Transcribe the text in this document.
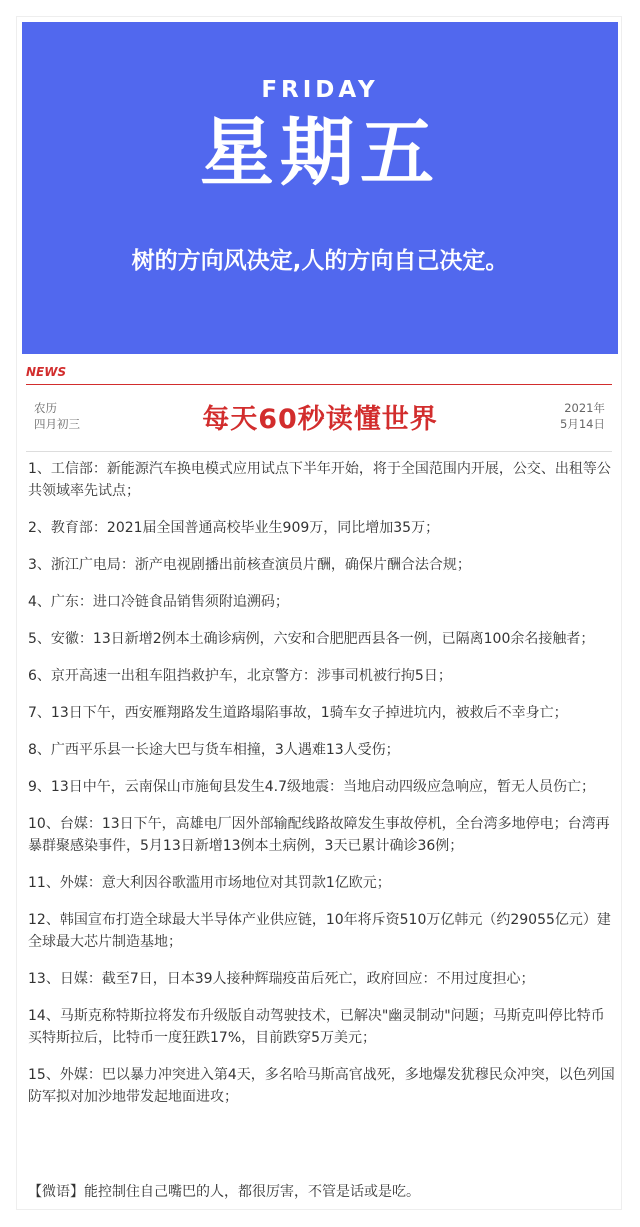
FRIDAY
星期五
树的方向风决定,人的方向自己决定。
NEWS
农历
四月初三	每天60秒读懂世界	2021年
5月14日
1、工信部：新能源汽车换电模式应用试点下半年开始，将于全国范围内开展，公交、出租等公共领域率先试点；
2、教育部：2021届全国普通高校毕业生909万，同比增加35万；
3、浙江广电局：浙产电视剧播出前核查演员片酬，确保片酬合法合规；
4、广东：进口冷链食品销售须附追溯码；
5、安徽：13日新增2例本土确诊病例，六安和合肥肥西县各一例，已隔离100余名接触者；
6、京开高速一出租车阻挡救护车，北京警方：涉事司机被行拘5日；
7、13日下午，西安雁翔路发生道路塌陷事故，1骑车女子掉进坑内，被救后不幸身亡；
8、广西平乐县一长途大巴与货车相撞，3人遇难13人受伤；
9、13日中午，云南保山市施甸县发生4.7级地震：当地启动四级应急响应，暂无人员伤亡；
10、台媒：13日下午，高雄电厂因外部输配线路故障发生事故停机，全台湾多地停电；台湾再暴群聚感染事件，5月13日新增13例本土病例，3天已累计确诊36例；
11、外媒：意大利因谷歌滥用市场地位对其罚款1亿欧元；
12、韩国宣布打造全球最大半导体产业供应链，10年将斥资510万亿韩元（约29055亿元）建全球最大芯片制造基地；
13、日媒：截至7日，日本39人接种辉瑞疫苗后死亡，政府回应：不用过度担心；
14、马斯克称特斯拉将发布升级版自动驾驶技术，已解决"幽灵制动"问题；马斯克叫停比特币买特斯拉后，比特币一度狂跌17%，目前跌穿5万美元；
15、外媒：巴以暴力冲突进入第4天，多名哈马斯高官战死，多地爆发犹穆民众冲突，以色列国防军拟对加沙地带发起地面进攻；
【微语】能控制住自己嘴巴的人，都很厉害，不管是话或是吃。
